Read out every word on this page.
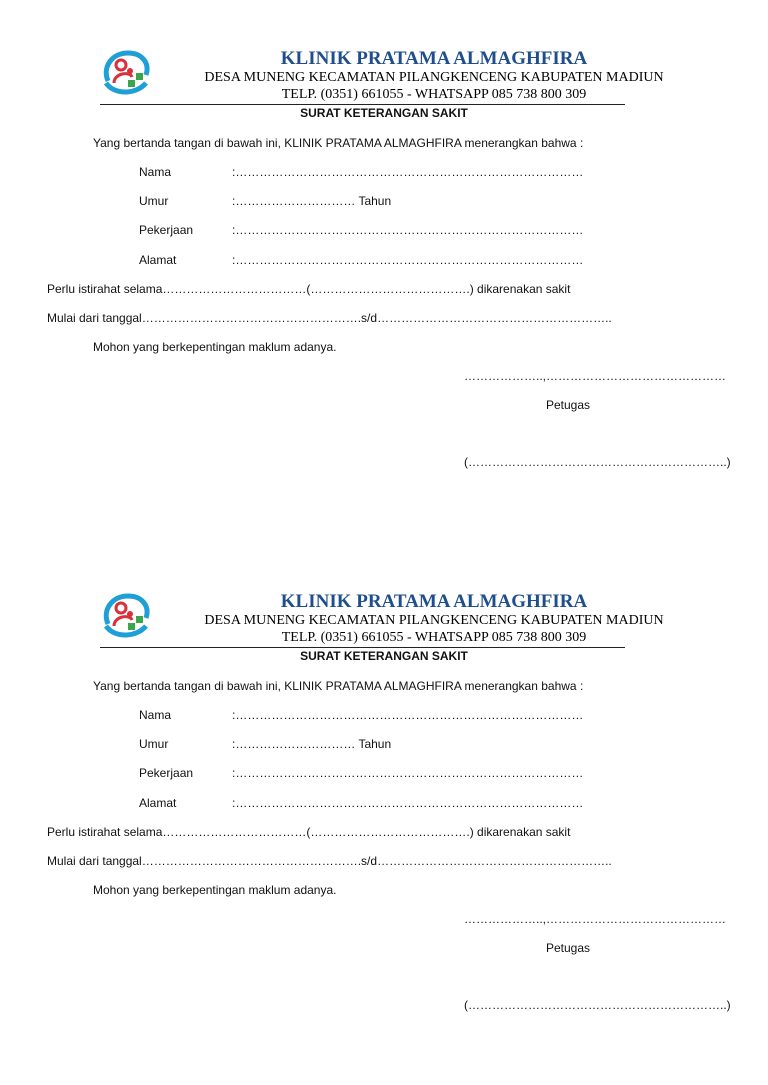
KLINIK PRATAMA ALMAGHFIRA
DESA MUNENG KECAMATAN PILANGKENCENG KABUPATEN MADIUN
TELP. (0351) 661055 - WHATSAPP 085 738 800 309
SURAT KETERANGAN SAKIT
Yang bertanda tangan di bawah ini, KLINIK PRATAMA ALMAGHFIRA menerangkan bahwa :
Nama	:……………………………………………………………………………
Umur	:………………………… Tahun
Pekerjaan	:……………………………………………………………………………
Alamat	:……………………………………………………………………………
Perlu istirahat selama………………………………(………………………………….) dikarenakan sakit
Mulai dari tanggal……………………………………………….s/d…………………………………………………..
Mohon yang berkepentingan maklum adanya.
………………..,………………………………………
Petugas
(………………………………………………………..)
KLINIK PRATAMA ALMAGHFIRA
DESA MUNENG KECAMATAN PILANGKENCENG KABUPATEN MADIUN
TELP. (0351) 661055 - WHATSAPP 085 738 800 309
SURAT KETERANGAN SAKIT
Yang bertanda tangan di bawah ini, KLINIK PRATAMA ALMAGHFIRA menerangkan bahwa :
Nama	:……………………………………………………………………………
Umur	:………………………… Tahun
Pekerjaan	:……………………………………………………………………………
Alamat	:……………………………………………………………………………
Perlu istirahat selama………………………………(………………………………….) dikarenakan sakit
Mulai dari tanggal……………………………………………….s/d…………………………………………………..
Mohon yang berkepentingan maklum adanya.
………………..,………………………………………
Petugas
(………………………………………………………..)
